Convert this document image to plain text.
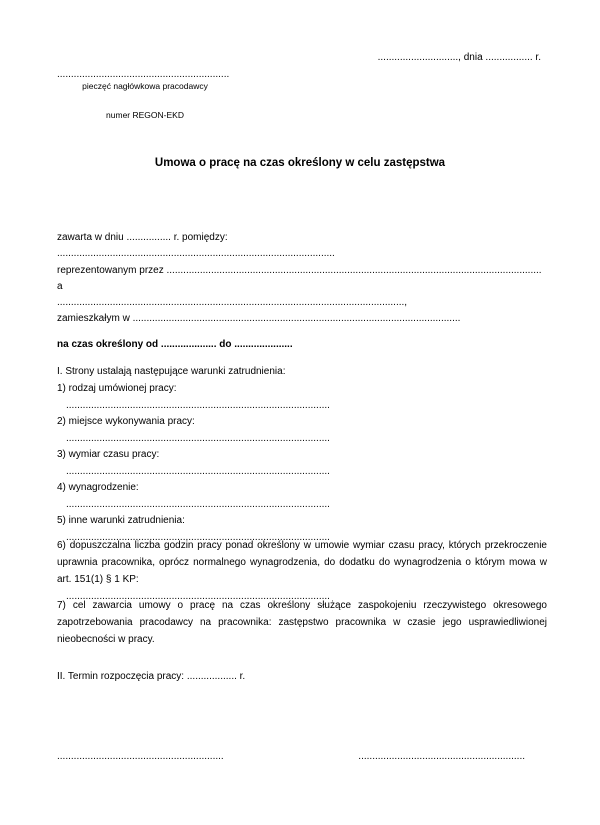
............................., dnia ................. r.
..............................................................
pieczęć nagłówkowa pracodawcy
numer REGON-EKD
Umowa o pracę na czas określony w celu zastępstwa
zawarta w dniu ................ r. pomiędzy:
....................................................................................................
reprezentowanym przez .......................................................................................................................................
a
.............................................................................................................................,
zamieszkałym w ......................................................................................................................
na czas określony od .................... do .....................
I. Strony ustalają następujące warunki zatrudnienia:
1) rodzaj umówionej pracy:
...............................................................................................
2) miejsce wykonywania pracy:
...............................................................................................
3) wymiar czasu pracy:
...............................................................................................
4) wynagrodzenie:
...............................................................................................
5) inne warunki zatrudnienia:
...............................................................................................

6) dopuszczalna liczba godzin pracy ponad określony w umowie wymiar czasu pracy, których przekroczenie uprawnia pracownika, oprócz normalnego wynagrodzenia, do dodatku do wynagrodzenia o którym mowa w art. 151(1) § 1 KP:

...............................................................................................

7) cel zawarcia umowy o pracę na czas określony służące zaspokojeniu rzeczywistego okresowego zapotrzebowania pracodawcy na pracownika: zastępstwo pracownika w czasie jego usprawiedliwionej nieobecności w pracy.

II. Termin rozpoczęcia pracy: .................. r.
............................................................	............................................................
